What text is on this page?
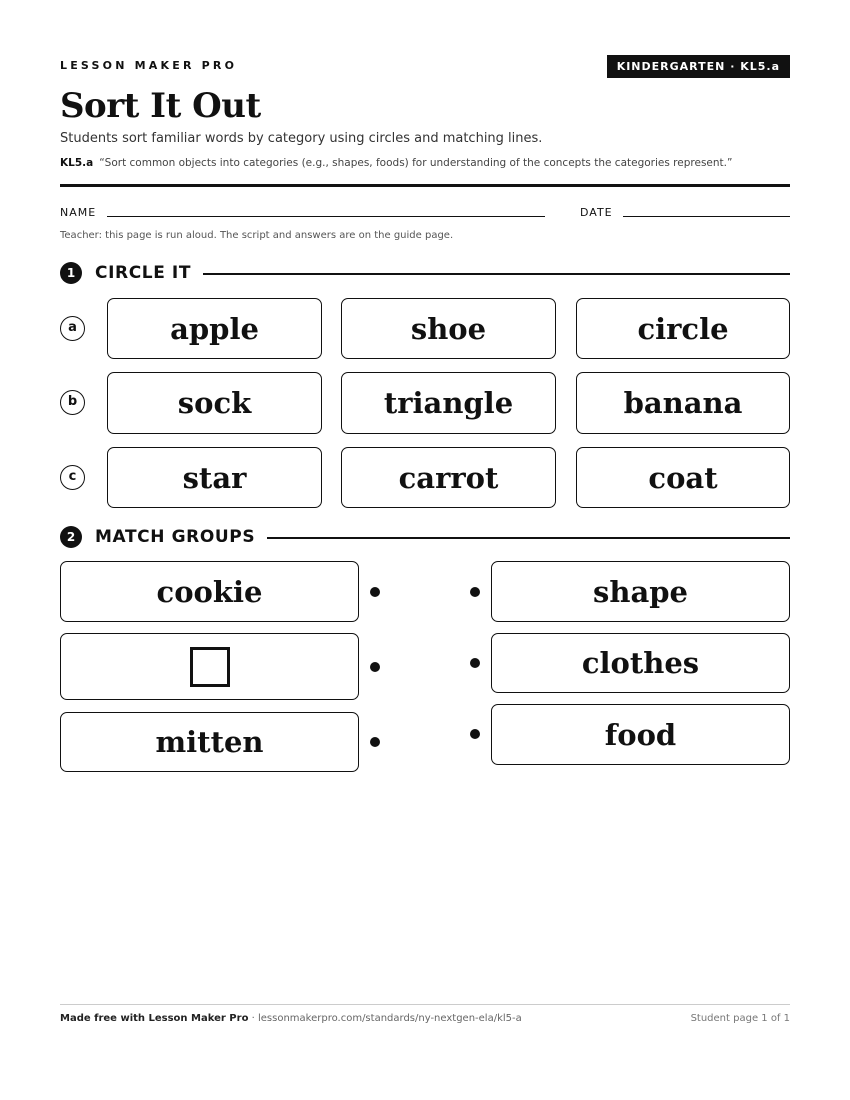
LESSON MAKER PRO	KINDERGARTEN · KL5.a
Sort It Out
Students sort familiar words by category using circles and matching lines.
KL5.a “Sort common objects into categories (e.g., shapes, foods) for understanding of the concepts the categories represent.”
NAME	DATE
Teacher: this page is run aloud. The script and answers are on the guide page.
1	CIRCLE IT
a	apple	shoe	circle
b	sock	triangle	banana
c	star	carrot	coat
2	MATCH GROUPS
cookie
mitten
shape
clothes
food
Made free with Lesson Maker Pro · lessonmakerpro.com/standards/ny-nextgen-ela/kl5-a	Student page 1 of 1
